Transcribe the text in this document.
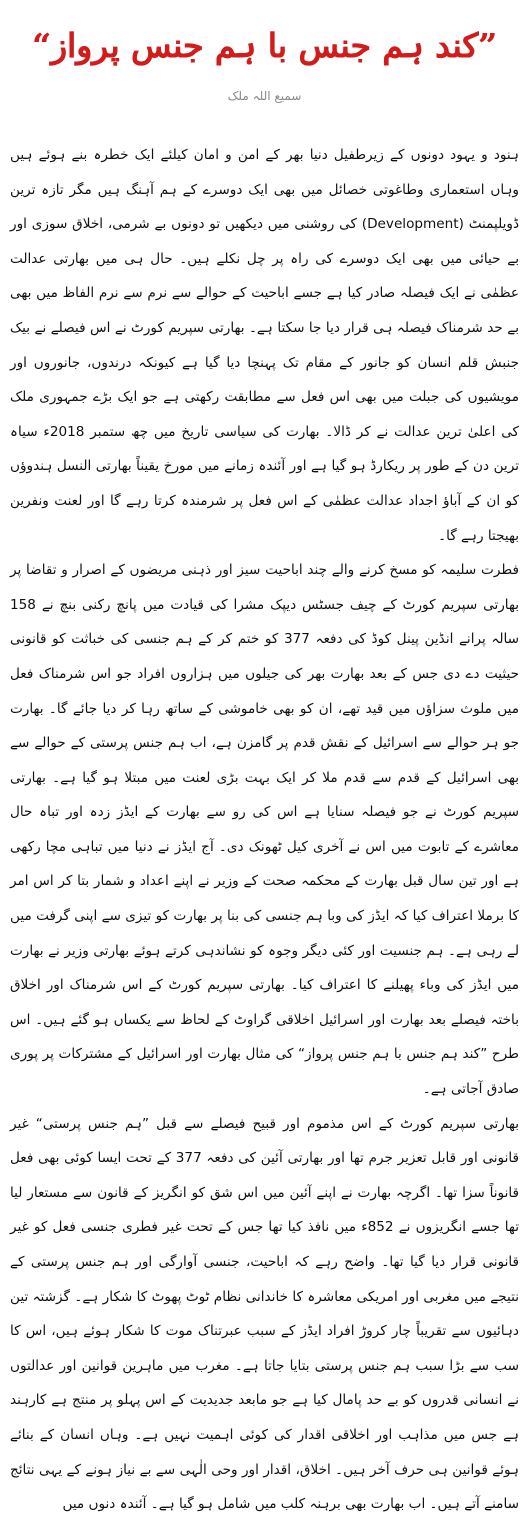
”کند ہم جنس با ہم جنس پرواز“
سمیع اللہ ملک

ہنود و یہود دونوں کے زیرطفیل دنیا بھر کے امن و امان کیلئے ایک خطرہ بنے ہوئے ہیں وہاں استعماری وطاغوتی خصائل میں بھی ایک دوسرے کے ہم آہنگ ہیں مگر تازہ ترین ڈویلپمنٹ (Development) کی روشنی میں دیکھیں تو دونوں بے شرمی، اخلاق سوزی اور بے حیائی میں بھی ایک دوسرے کی راہ پر چل نکلے ہیں۔ حال ہی میں بھارتی عدالت عظمٰی نے ایک فیصلہ صادر کیا ہے جسے اباحیت کے حوالے سے نرم سے نرم الفاظ میں بھی بے حد شرمناک فیصلہ ہی قرار دیا جا سکتا ہے۔ بھارتی سپریم کورٹ نے اس فیصلے نے بیک جنبش قلم انسان کو جانور کے مقام تک پہنچا دیا گیا ہے کیونکہ درندوں، جانوروں اور مویشیوں کی جبلت میں بھی اس فعل سے مطابقت رکھتی ہے جو ایک بڑے جمہوری ملک کی اعلیٰ ترین عدالت نے کر ڈالا۔ بھارت کی سیاسی تاریخ میں چھ ستمبر 2018ء سیاہ ترین دن کے طور پر ریکارڈ ہو گیا ہے اور آئندہ زمانے میں مورخ یقیناً بھارتی النسل ہندوؤں کو ان کے آباؤ اجداد عدالت عظمٰی کے اس فعل پر شرمندہ کرتا رہے گا اور لعنت ونفرین بھیجتا رہے گا۔

فطرت سلیمہ کو مسخ کرنے والے چند اباحیت سیز اور ذہنی مریضوں کے اصرار و تقاضا پر بھارتی سپریم کورٹ کے چیف جسٹس دیپک مشرا کی قیادت میں پانچ رکنی بنچ نے 158 سالہ پرانے انڈین پینل کوڈ کی دفعہ 377 کو ختم کر کے ہم جنسی کی خباثت کو قانونی حیثیت دے دی جس کے بعد بھارت بھر کی جیلوں میں ہزاروں افراد جو اس شرمناک فعل میں ملوث سزاؤں میں قید تھے، ان کو بھی خاموشی کے ساتھ رہا کر دیا جائے گا۔ بھارت جو ہر حوالے سے اسرائیل کے نقش قدم پر گامزن ہے، اب ہم جنس پرستی کے حوالے سے بھی اسرائیل کے قدم سے قدم ملا کر ایک بہت بڑی لعنت میں مبتلا ہو گیا ہے۔ بھارتی سپریم کورٹ نے جو فیصلہ سنایا ہے اس کی رو سے بھارت کے ایڈز زدہ اور تباہ حال معاشرے کے تابوت میں اس نے آخری کیل ٹھونک دی۔ آج ایڈز نے دنیا میں تباہی مچا رکھی ہے اور تین سال قبل بھارت کے محکمہ صحت کے وزیر نے اپنے اعداد و شمار بتا کر اس امر کا برملا اعتراف کیا کہ ایڈز کی وبا ہم جنسی کی بنا پر بھارت کو تیزی سے اپنی گرفت میں لے رہی ہے۔ ہم جنسیت اور کئی دیگر وجوہ کو نشاندہی کرتے ہوئے بھارتی وزیر نے بھارت میں ایڈز کی وباء پھیلنے کا اعتراف کیا۔ بھارتی سپریم کورٹ کے اس شرمناک اور اخلاق باختہ فیصلے بعد بھارت اور اسرائیل اخلاقی گراوٹ کے لحاظ سے یکساں ہو گئے ہیں۔ اس طرح ”کند ہم جنس با ہم جنس پرواز“ کی مثال بھارت اور اسرائیل کے مشترکات پر پوری صادق آجاتی ہے۔

بھارتی سپریم کورٹ کے اس مذموم اور قبیح فیصلے سے قبل ”ہم جنس پرستی“ غیر قانونی اور قابل تعزیر جرم تھا اور بھارتی آئین کی دفعہ 377 کے تحت ایسا کوئی بھی فعل قانوناً سزا تھا۔ اگرچہ بھارت نے اپنے آئین میں اس شق کو انگریز کے قانون سے مستعار لیا تھا جسے انگریزوں نے 852ء میں نافذ کیا تھا جس کے تحت غیر فطری جنسی فعل کو غیر قانونی قرار دیا گیا تھا۔ واضح رہے کہ اباحیت، جنسی آوارگی اور ہم جنس پرستی کے نتیجے میں مغربی اور امریکی معاشرہ کا خاندانی نظام ٹوٹ پھوٹ کا شکار ہے۔ گزشتہ تین دہائیوں سے تقریباً چار کروڑ افراد ایڈز کے سبب عبرتناک موت کا شکار ہوئے ہیں، اس کا سب سے بڑا سبب ہم جنس پرستی بتایا جاتا ہے۔ مغرب میں ماہرین قوانین اور عدالتوں نے انسانی قدروں کو بے حد پامال کیا ہے جو مابعد جدیدیت کے اس پہلو پر منتج ہے کارہند ہے جس میں مذاہب اور اخلاقی اقدار کی کوئی اہمیت نہیں ہے۔ وہاں انسان کے بنائے ہوئے قوانین ہی حرف آخر ہیں۔ اخلاق، اقدار اور وحی الٰہی سے بے نیاز ہونے کے یہی نتائج سامنے آتے ہیں۔ اب بھارت بھی برہنہ کلب میں شامل ہو گیا ہے۔ آئندہ دنوں میں
